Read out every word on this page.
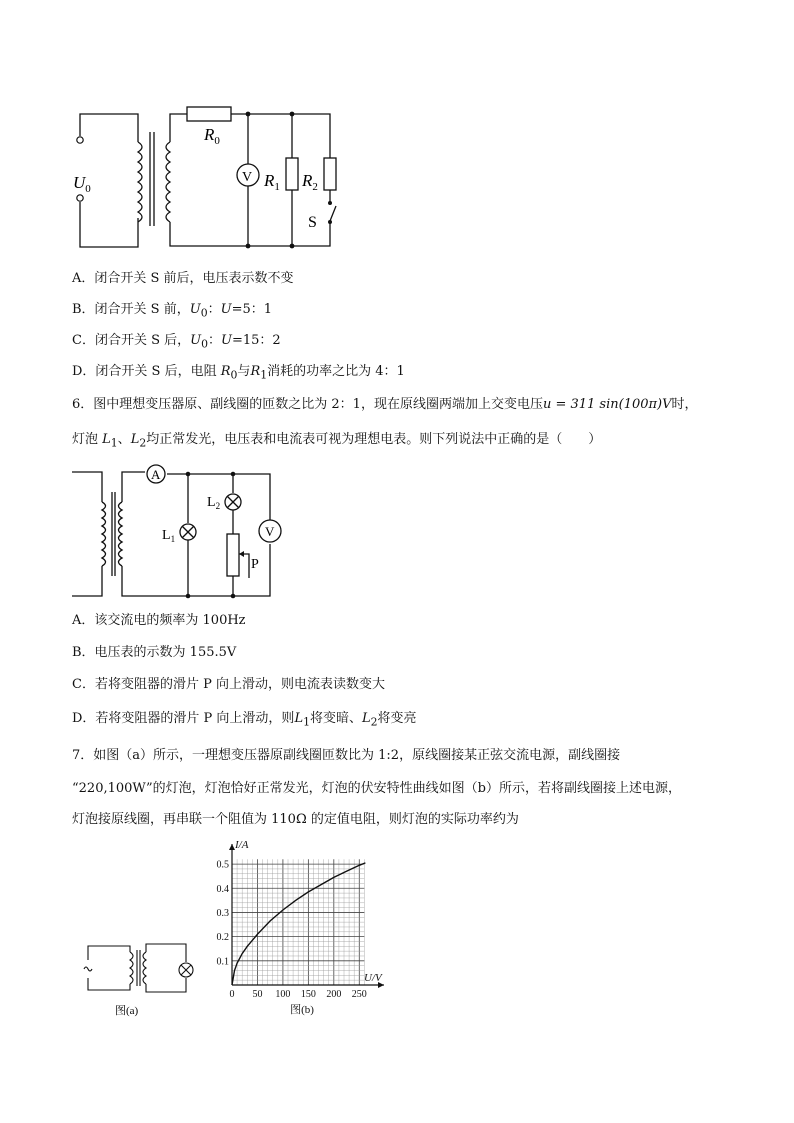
$U_0$
$R_0$
V $R_1$ $R_2$
S
A．闭合开关 S 前后，电压表示数不变
B．闭合开关 S 前，$U_0$：U=5：1
C．闭合开关 S 后，$U_0$：U=15：2
D．闭合开关 S 后，电阻 $R_0$与$R_1$消耗的功率之比为 4：1
6．图中理想变压器原、副线圈的匝数之比为 2：1，现在原线圈两端加上交变电压u = 311 sin(100π)V时，
灯泡 $L_1$、$L_2$均正常发光，电压表和电流表可视为理想电表。则下列说法中正确的是（　　）
A
V
$L_1$
$L_2$
P
A．该交流电的频率为 100Hz
B．电压表的示数为 155.5V
C．若将变阻器的滑片 P 向上滑动，则电流表读数变大
D．若将变阻器的滑片 P 向上滑动，则$L_1$将变暗、$L_2$将变亮
7．如图（a）所示，一理想变压器原副线圈匝数比为 1:2，原线圈接某正弦交流电源，副线圈接
“220,100W”的灯泡，灯泡恰好正常发光，灯泡的伏安特性曲线如图（b）所示，若将副线圈接上述电源，
灯泡接原线圈，再串联一个阻值为 110Ω 的定值电阻，则灯泡的实际功率约为
图(a)
0 50 100 150 200 250
0.1
0.2
0.3
0.4
0.5
I/A
U/V
图(b)
